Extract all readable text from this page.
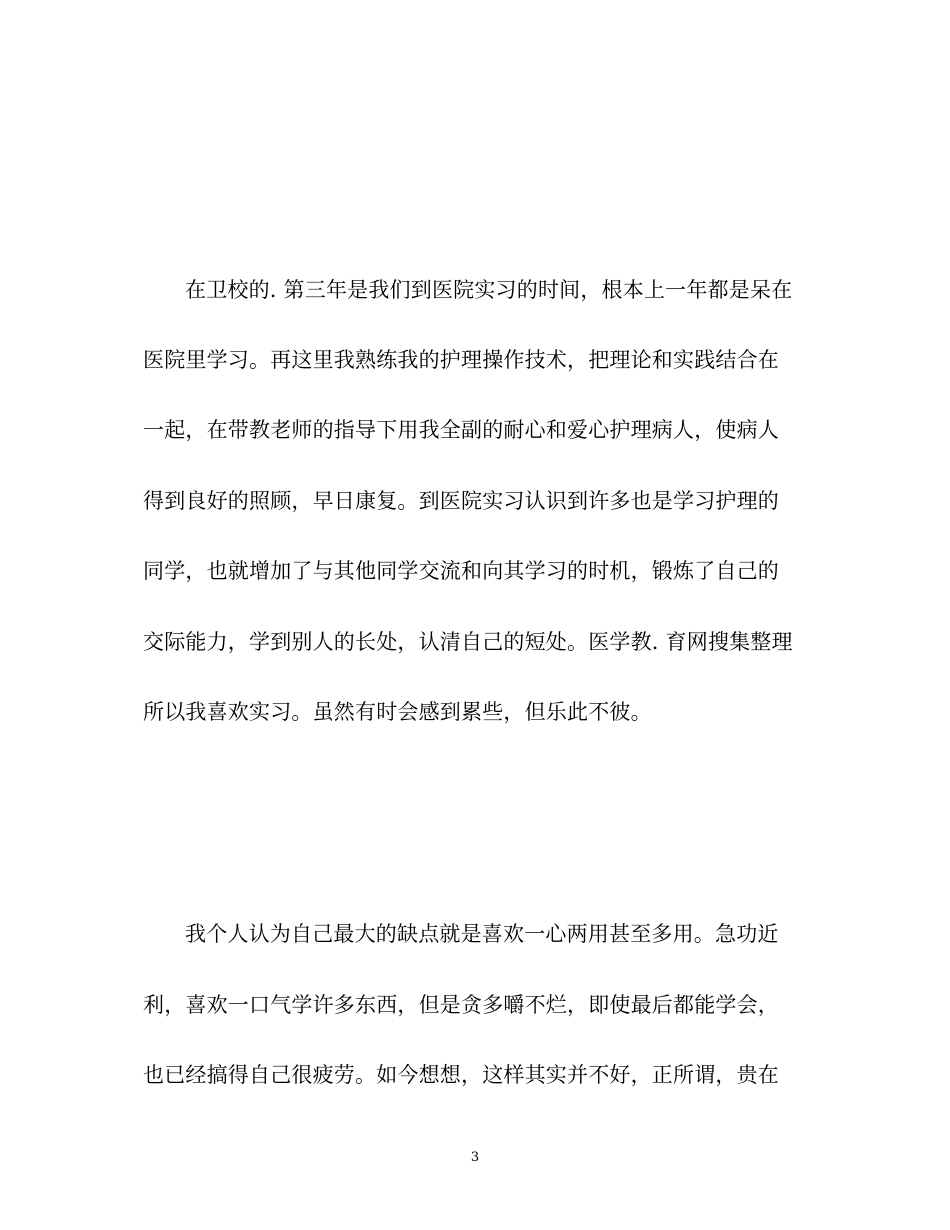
在卫校的. 第三年是我们到医院实习的时间，根本上一年都是呆在
医院里学习。再这里我熟练我的护理操作技术，把理论和实践结合在
一起，在带教老师的指导下用我全副的耐心和爱心护理病人，使病人
得到良好的照顾，早日康复。到医院实习认识到许多也是学习护理的
同学，也就增加了与其他同学交流和向其学习的时机，锻炼了自己的
交际能力，学到别人的长处，认清自己的短处。医学教. 育网搜集整理
所以我喜欢实习。虽然有时会感到累些，但乐此不彼。
我个人认为自己最大的缺点就是喜欢一心两用甚至多用。急功近
利，喜欢一口气学许多东西，但是贪多嚼不烂，即使最后都能学会，
也已经搞得自己很疲劳。如今想想，这样其实并不好，正所谓，贵在
3
